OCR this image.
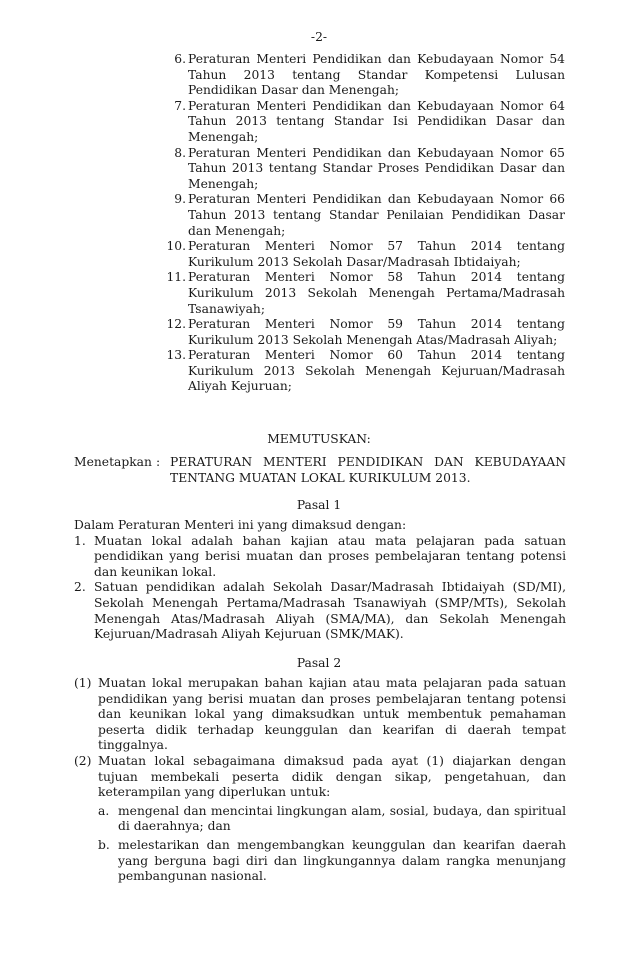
-2-
6. Peraturan Menteri Pendidikan dan Kebudayaan Nomor 54 Tahun 2013 tentang Standar Kompetensi Lulusan Pendidikan Dasar dan Menengah;
7. Peraturan Menteri Pendidikan dan Kebudayaan Nomor 64 Tahun 2013 tentang Standar Isi Pendidikan Dasar dan Menengah;
8. Peraturan Menteri Pendidikan dan Kebudayaan Nomor 65 Tahun 2013 tentang Standar Proses Pendidikan Dasar dan Menengah;
9. Peraturan Menteri Pendidikan dan Kebudayaan Nomor 66 Tahun 2013 tentang Standar Penilaian Pendidikan Dasar dan Menengah;
10. Peraturan Menteri Nomor 57 Tahun 2014 tentang Kurikulum 2013 Sekolah Dasar/Madrasah Ibtidaiyah;
11. Peraturan Menteri Nomor 58 Tahun 2014 tentang Kurikulum 2013 Sekolah Menengah Pertama/Madrasah Tsanawiyah;
12. Peraturan Menteri Nomor 59 Tahun 2014 tentang Kurikulum 2013 Sekolah Menengah Atas/Madrasah Aliyah;
13. Peraturan Menteri Nomor 60 Tahun 2014 tentang Kurikulum 2013 Sekolah Menengah Kejuruan/Madrasah Aliyah Kejuruan;
MEMUTUSKAN:
Menetapkan : PERATURAN MENTERI PENDIDIKAN DAN KEBUDAYAAN TENTANG MUATAN LOKAL KURIKULUM 2013.
Pasal 1
Dalam Peraturan Menteri ini yang dimaksud dengan:
1. Muatan lokal adalah bahan kajian atau mata pelajaran pada satuan pendidikan yang berisi muatan dan proses pembelajaran tentang potensi dan keunikan lokal.
2. Satuan pendidikan adalah Sekolah Dasar/Madrasah Ibtidaiyah (SD/MI), Sekolah Menengah Pertama/Madrasah Tsanawiyah (SMP/MTs), Sekolah Menengah Atas/Madrasah Aliyah (SMA/MA), dan Sekolah Menengah Kejuruan/Madrasah Aliyah Kejuruan (SMK/MAK).
Pasal 2
(1) Muatan lokal merupakan bahan kajian atau mata pelajaran pada satuan pendidikan yang berisi muatan dan proses pembelajaran tentang potensi dan keunikan lokal yang dimaksudkan untuk membentuk pemahaman peserta didik terhadap keunggulan dan kearifan di daerah tempat tinggalnya.
(2) Muatan lokal sebagaimana dimaksud pada ayat (1) diajarkan dengan tujuan membekali peserta didik dengan sikap, pengetahuan, dan keterampilan yang diperlukan untuk:
a. mengenal dan mencintai lingkungan alam, sosial, budaya, dan spiritual di daerahnya; dan
b. melestarikan dan mengembangkan keunggulan dan kearifan daerah yang berguna bagi diri dan lingkungannya dalam rangka menunjang pembangunan nasional.
